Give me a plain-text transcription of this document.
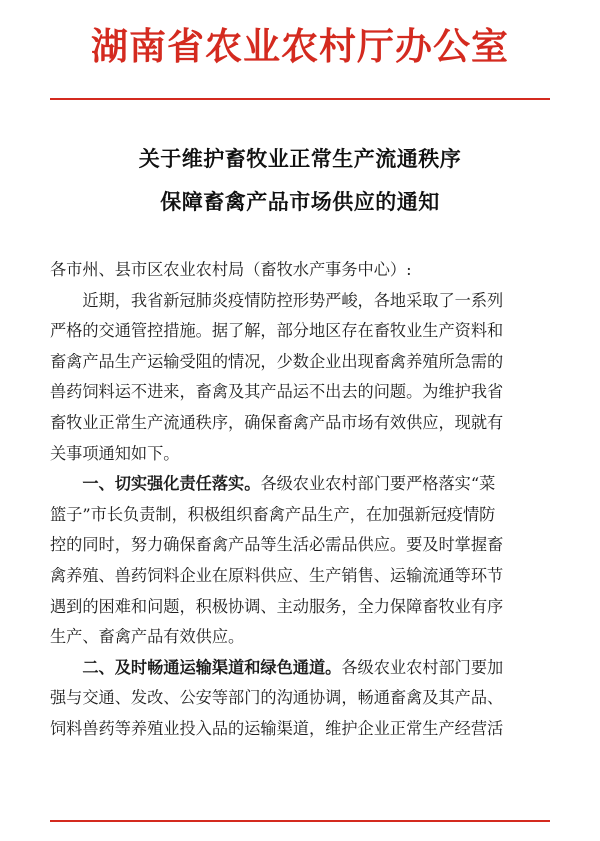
湖南省农业农村厅办公室
关于维护畜牧业正常生产流通秩序
保障畜禽产品市场供应的通知
各市州、县市区农业农村局（畜牧水产事务中心）:
　　近期，我省新冠肺炎疫情防控形势严峻，各地采取了一系列
严格的交通管控措施。据了解，部分地区存在畜牧业生产资料和
畜禽产品生产运输受阻的情况，少数企业出现畜禽养殖所急需的
兽药饲料运不进来，畜禽及其产品运不出去的问题。为维护我省
畜牧业正常生产流通秩序，确保畜禽产品市场有效供应，现就有
关事项通知如下。
　　一、切实强化责任落实。各级农业农村部门要严格落实“菜
篮子”市长负责制，积极组织畜禽产品生产，在加强新冠疫情防
控的同时，努力确保畜禽产品等生活必需品供应。要及时掌握畜
禽养殖、兽药饲料企业在原料供应、生产销售、运输流通等环节
遇到的困难和问题，积极协调、主动服务，全力保障畜牧业有序
生产、畜禽产品有效供应。
　　二、及时畅通运输渠道和绿色通道。各级农业农村部门要加
强与交通、发改、公安等部门的沟通协调，畅通畜禽及其产品、
饲料兽药等养殖业投入品的运输渠道，维护企业正常生产经营活
